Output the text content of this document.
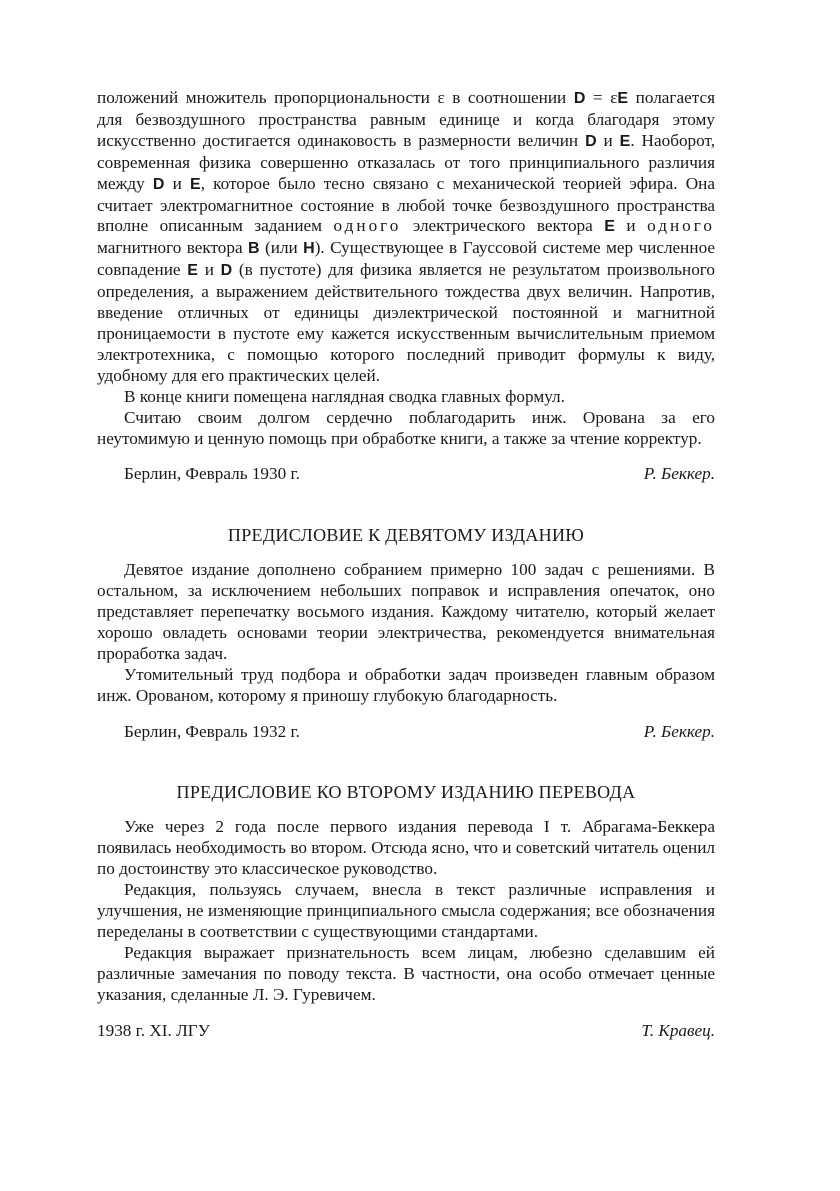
положений множитель пропорциональности ε в соотношении D = εE полагается для безвоздушного пространства равным единице и когда благодаря этому искусственно достигается одинаковость в размерности величин D и E. Наоборот, современная физика совершенно отказалась от того принципиального различия между D и E, которое было тесно связано с механической теорией эфира. Она считает электромагнитное состояние в любой точке безвоздушного пространства вполне описанным заданием одного электрического вектора E и одного магнитного вектора B (или H). Существующее в Гауссовой системе мер численное совпадение E и D (в пустоте) для физика является не результатом произвольного определения, а выражением действительного тождества двух величин. Напротив, введение отличных от единицы диэлектрической постоянной и магнитной проницаемости в пустоте ему кажется искусственным вычислительным приемом электротехника, с помощью которого последний приводит формулы к виду, удобному для его практических целей.

В конце книги помещена наглядная сводка главных формул.

Считаю своим долгом сердечно поблагодарить инж. Орована за его неутомимую и ценную помощь при обработке книги, а также за чтение корректур.

Берлин, Февраль 1930 г.	Р. Беккер.
ПРЕДИСЛОВИЕ К ДЕВЯТОМУ ИЗДАНИЮ

Девятое издание дополнено собранием примерно 100 задач с решениями. В остальном, за исключением небольших поправок и исправления опечаток, оно представляет перепечатку восьмого издания. Каждому читателю, который желает хорошо овладеть основами теории электричества, рекомендуется внимательная проработка задач.

Утомительный труд подбора и обработки задач произведен главным образом инж. Орованом, которому я приношу глубокую благодарность.

Берлин, Февраль 1932 г.	Р. Беккер.
ПРЕДИСЛОВИЕ КО ВТОРОМУ ИЗДАНИЮ ПЕРЕВОДА

Уже через 2 года после первого издания перевода I т. Абрагама-Беккера появилась необходимость во втором. Отсюда ясно, что и советский читатель оценил по достоинству это классическое руководство.

Редакция, пользуясь случаем, внесла в текст различные исправления и улучшения, не изменяющие принципиального смысла содержания; все обозначения переделаны в соответствии с существующими стандартами.

Редакция выражает признательность всем лицам, любезно сделавшим ей различные замечания по поводу текста. В частности, она особо отмечает ценные указания, сделанные Л. Э. Гуревичем.

1938 г. XI. ЛГУ	Т. Кравец.
